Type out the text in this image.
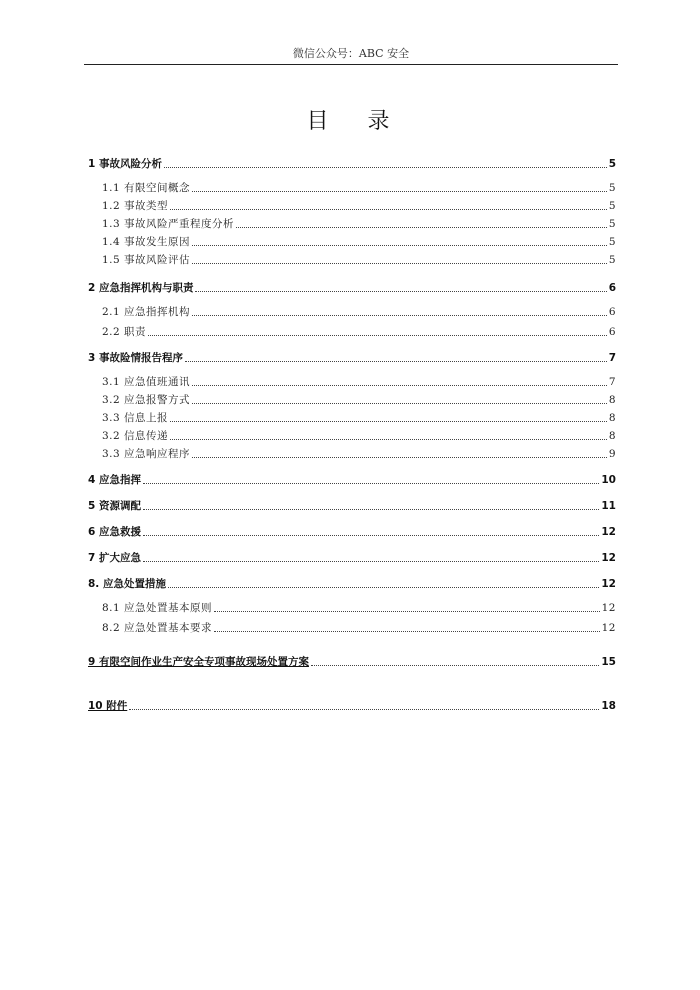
微信公众号：ABC 安全
目 录
1 事故风险分析	5
1.1 有限空间概念	5
1.2 事故类型	5
1.3 事故风险严重程度分析	5
1.4 事故发生原因	5
1.5 事故风险评估	5
2 应急指挥机构与职责	6
2.1 应急指挥机构	6
2.2 职责	6
3 事故险情报告程序	7
3.1 应急值班通讯	7
3.2 应急报警方式	8
3.3 信息上报	8
3.2 信息传递	8
3.3 应急响应程序	9
4 应急指挥	10
5 资源调配	11
6 应急救援	12
7 扩大应急	12
8. 应急处置措施	12
8.1 应急处置基本原则	12
8.2 应急处置基本要求	12
9 有限空间作业生产安全专项事故现场处置方案	15
10 附件	18
